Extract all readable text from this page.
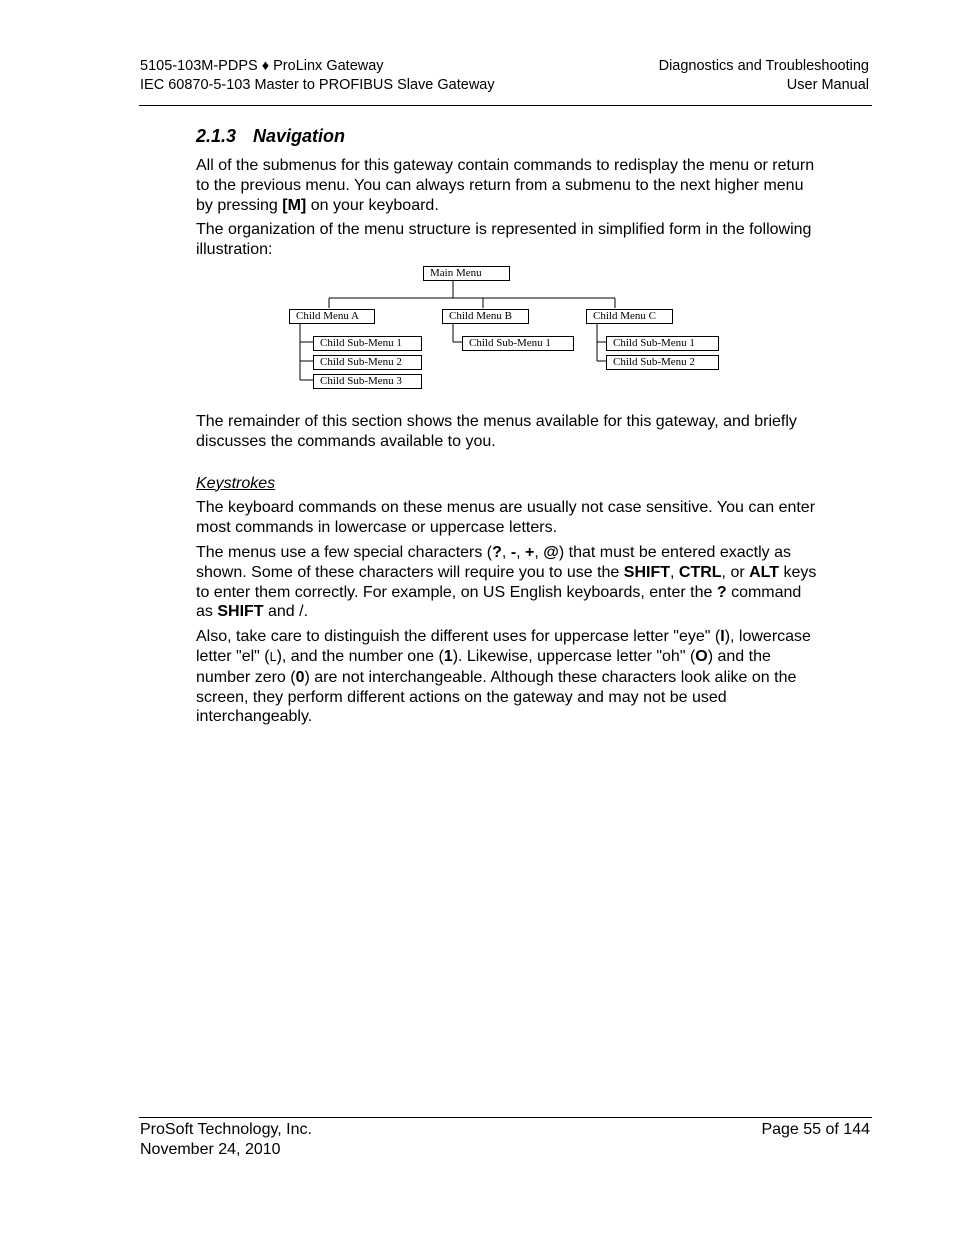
5105-103M-PDPS ♦ ProLinx Gateway
IEC 60870-5-103 Master to PROFIBUS Slave Gateway
Diagnostics and Troubleshooting
User Manual
2.1.3 Navigation

All of the submenus for this gateway contain commands to redisplay the menu or return to the previous menu. You can always return from a submenu to the next higher menu by pressing [M] on your keyboard.

The organization of the menu structure is represented in simplified form in the following illustration:

Main Menu
Child Menu A	Child Menu B	Child Menu C
Child Sub-Menu 1
Child Sub-Menu 2
Child Sub-Menu 3
Child Sub-Menu 1	Child Sub-Menu 1
Child Sub-Menu 2

The remainder of this section shows the menus available for this gateway, and briefly discusses the commands available to you.

Keystrokes

The keyboard commands on these menus are usually not case sensitive. You can enter most commands in lowercase or uppercase letters.

The menus use a few special characters (?, -, +, @) that must be entered exactly as shown. Some of these characters will require you to use the SHIFT, CTRL, or ALT keys to enter them correctly. For example, on US English keyboards, enter the ? command as SHIFT and /.

Also, take care to distinguish the different uses for uppercase letter "eye" (I), lowercase letter "el" (L), and the number one (1). Likewise, uppercase letter "oh" (O) and the number zero (0) are not interchangeable. Although these characters look alike on the screen, they perform different actions on the gateway and may not be used interchangeably.

ProSoft Technology, Inc.
November 24, 2010
Page 55 of 144
